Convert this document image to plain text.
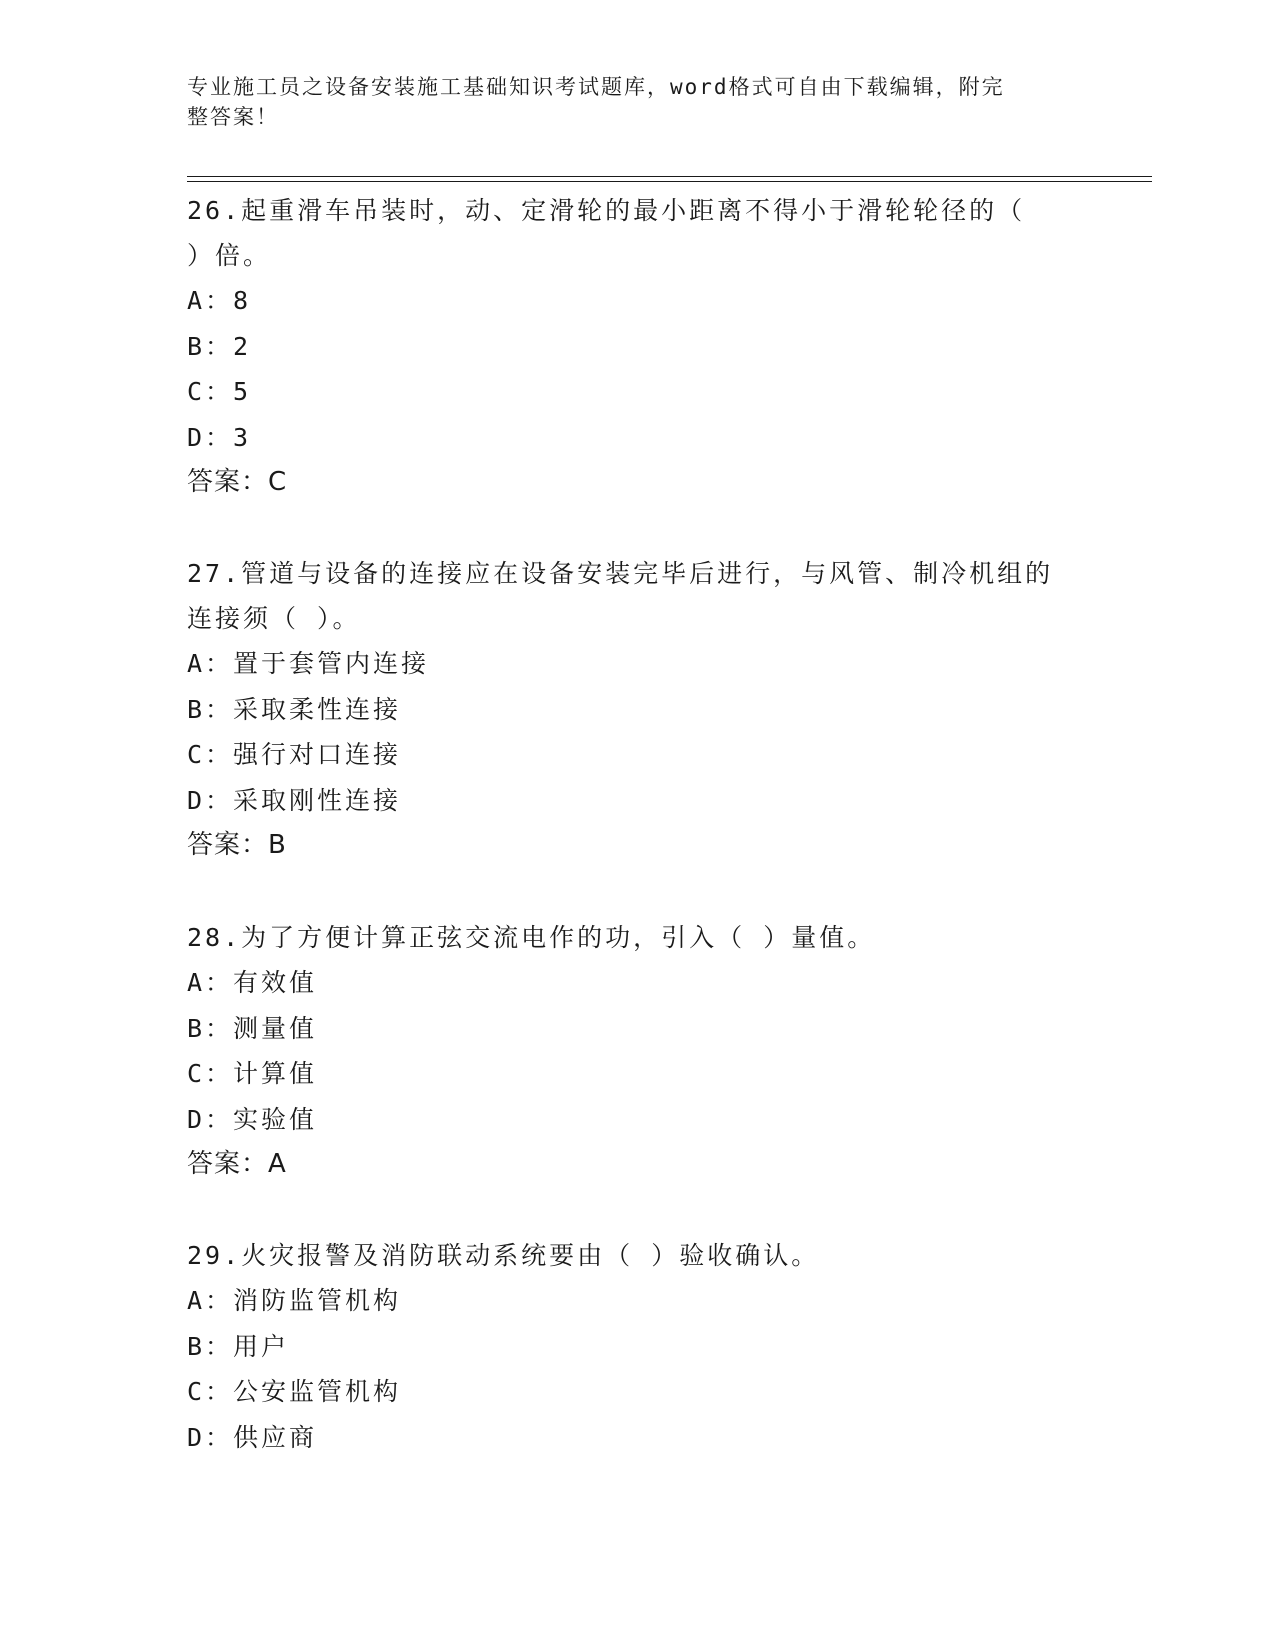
专业施工员之设备安装施工基础知识考试题库，word格式可自由下载编辑，附完
整答案！

26.起重滑车吊装时，动、定滑轮的最小距离不得小于滑轮轮径的（

）倍。

A：8

B：2

C：5

D：3

答案：C

27.管道与设备的连接应在设备安装完毕后进行，与风管、制冷机组的

连接须（ ）。

A：置于套管内连接

B：采取柔性连接

C：强行对口连接

D：采取刚性连接

答案：B

28.为了方便计算正弦交流电作的功，引入（ ）量值。

A：有效值

B：测量值

C：计算值

D：实验值

答案：A

29.火灾报警及消防联动系统要由（ ）验收确认。

A：消防监管机构

B：用户

C：公安监管机构

D：供应商
